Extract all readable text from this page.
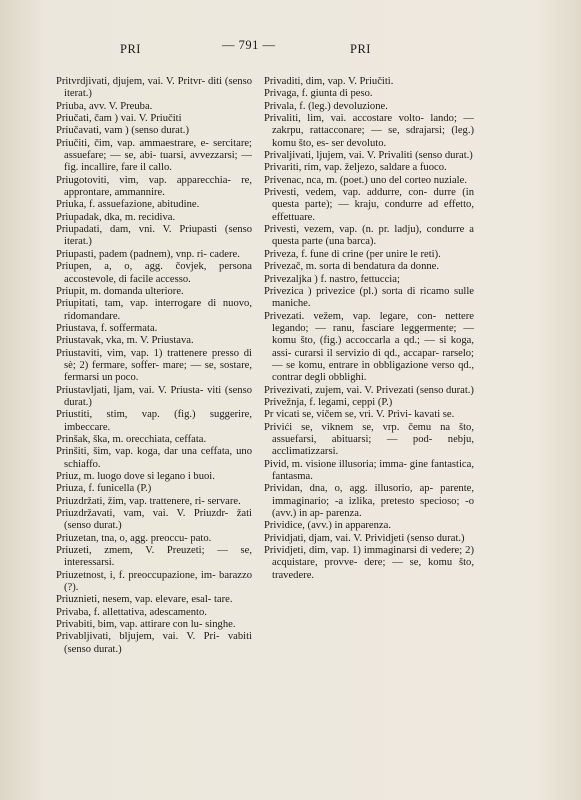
PRI	— 791 —	PRI

Pritvrdjivati, djujem, vai. V. Pritvr- diti (senso iterat.)

Priuba, avv. V. Preuba.

Priučati, čam ) vai. V. Priučiti

Priučavati, vam ) (senso durat.)

Priučiti, čim, vap. ammaestrare, e- sercitare; assuefare; — se, abi- tuarsi, avvezzarsi; — fig. incallire, fare il callo.

Priugotoviti, vim, vap. apparecchia- re, approntare, ammannire.

Priuka, f. assuefazione, abitudine.

Priupadak, dka, m. recidiva.

Priupadati, dam, vni. V. Priupasti (senso iterat.)

Priupasti, padem (padnem), vnp. ri- cadere.

Priupen, a, o, agg. čovjek, persona accostevole, di facile accesso.

Priupit, m. domanda ulteriore.

Priupitati, tam, vap. interrogare di nuovo, ridomandare.

Priustava, f. soffermata.

Priustavak, vka, m. V. Priustava.

Priustaviti, vim, vap. 1) trattenere presso di sè; 2) fermare, soffer- mare; — se, sostare, fermarsi un poco.

Priustavljati, ljam, vai. V. Priusta- viti (senso durat.)

Priustiti, stim, vap. (fig.) suggerire, imbeccare.

Prinšak, ška, m. orecchiata, ceffata.

Prinšiti, šim, vap. koga, dar una ceffata, uno schiaffo.

Priuz, m. luogo dove si legano i buoi.

Priuza, f. funicella (P.)

Priuzdržati, žim, vap. trattenere, ri- servare.

Priuzdržavati, vam, vai. V. Priuzdr- žati (senso durat.)

Priuzetan, tna, o, agg. preoccu- pato.

Priuzeti, zmem, V. Preuzeti; — se, interessarsi.

Priuzetnost, i, f. preoccupazione, im- barazzo (?).

Priuznieti, nesem, vap. elevare, esal- tare.

Privaba, f. allettativa, adescamento.

Privabiti, bim, vap. attirare con lu- singhe.

Privabljivati, bljujem, vai. V. Pri- vabiti (senso durat.)

Privaditi, dim, vap. V. Priučiti.

Privaga, f. giunta di peso.

Privala, f. (leg.) devoluzione.

Privaliti, lim, vai. accostare volto- lando; — zakrpu, rattacconare; — se, sdrajarsi; (leg.) komu što, es- ser devoluto.

Privaljivati, ljujem, vai. V. Privaliti (senso durat.)

Privariti, rim, vap. željezo, saldare a fuoco.

Privenac, nca, m. (poet.) uno del corteo nuziale.

Privesti, vedem, vap. addurre, con- durre (in questa parte); — kraju, condurre ad effetto, effettuare.

Privesti, vezem, vap. (n. pr. ladju), condurre a questa parte (una barca).

Priveza, f. fune di crine (per unire le reti).

Privezač, m. sorta di bendatura da donne.

Privezaljka ) f. nastro, fettuccia;

Privezica ) privezice (pl.) sorta di ricamo sulle maniche.

Privezati. vežem, vap. legare, con- nettere legando; — ranu, fasciare leggermente; — komu što, (fig.) accoccarla a qd.; — si koga, assi- curarsi il servizio di qd., accapar- rarselo; — se komu, entrare in obbligazione verso qd., contrar degli obblighi.

Privezivati, zujem, vai. V. Privezati (senso durat.)

Privežnja, f. legami, ceppi (P.)

Pr vicati se, vičem se, vri. V. Privi- kavati se.

Privići se, viknem se, vrp. čemu na što, assuefarsi, abituarsi; — pod- nebju, acclimatizzarsi.

Pivid, m. visione illusoria; imma- gine fantastica, fantasma.

Prividan, dna, o, agg. illusorio, ap- parente, immaginario; -a izlika, pretesto specioso; -o (avv.) in ap- parenza.

Prividice, (avv.) in apparenza.

Prividjati, djam, vai. V. Prividjeti (senso durat.)

Prividjeti, dim, vap. 1) immaginarsi di vedere; 2) acquistare, provve- dere; — se, komu što, travedere.
